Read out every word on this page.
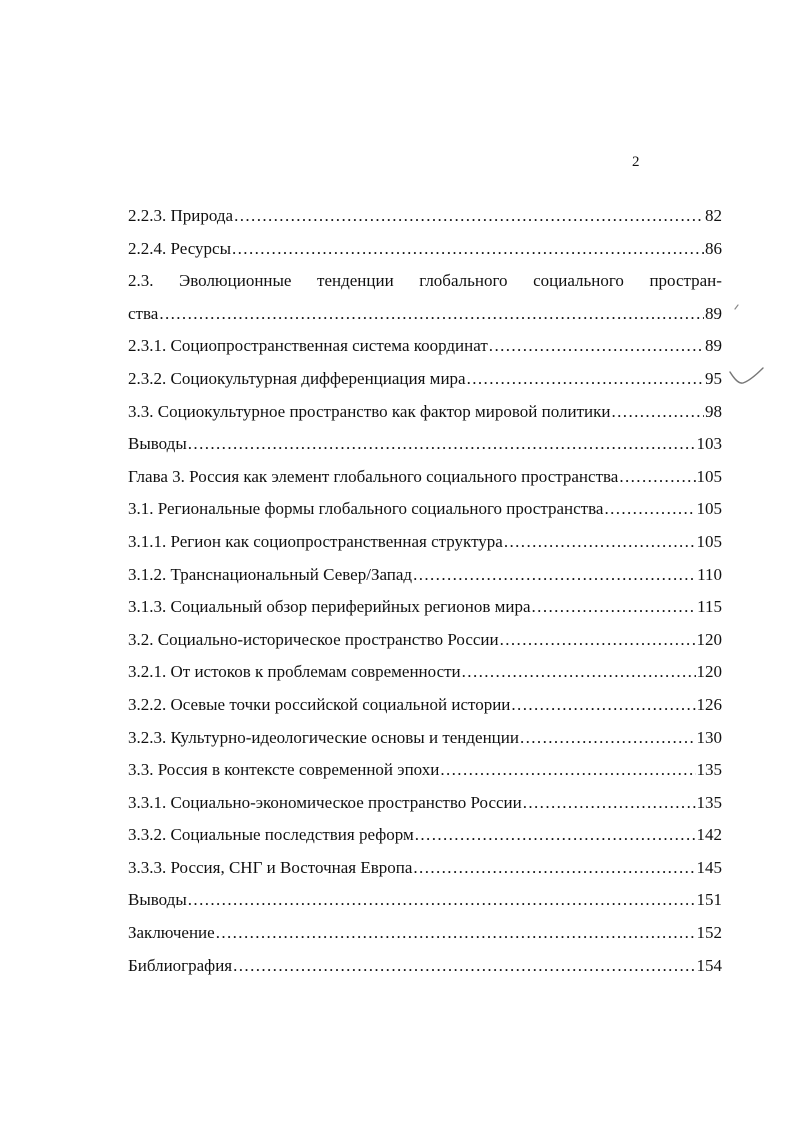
2
2.2.3. Природа .....	82
2.2.4. Ресурсы .....	86
2.3. Эволюционные тенденции глобального социального простран-
ства .....	89
2.3.1. Социопространственная система координат .....	89
2.3.2. Социокультурная дифференциация мира .....	95
3.3. Социокультурное пространство как фактор мировой политики .....	98
Выводы .....	103
Глава 3. Россия как элемент глобального социального пространства .....	105
3.1. Региональные формы глобального социального пространства .....	105
3.1.1. Регион как социопространственная структура .....	105
3.1.2. Транснациональный Север/Запад .....	110
3.1.3. Социальный обзор периферийных регионов мира .....	115
3.2. Социально-историческое пространство России .....	120
3.2.1. От истоков к проблемам современности .....	120
3.2.2. Осевые точки российской социальной истории .....	126
3.2.3. Культурно-идеологические основы и тенденции .....	130
3.3. Россия в контексте современной эпохи .....	135
3.3.1. Социально-экономическое пространство России .....	135
3.3.2. Социальные последствия реформ .....	142
3.3.3. Россия, СНГ и Восточная Европа .....	145
Выводы .....	151
Заключение .....	152
Библиография .....	154
